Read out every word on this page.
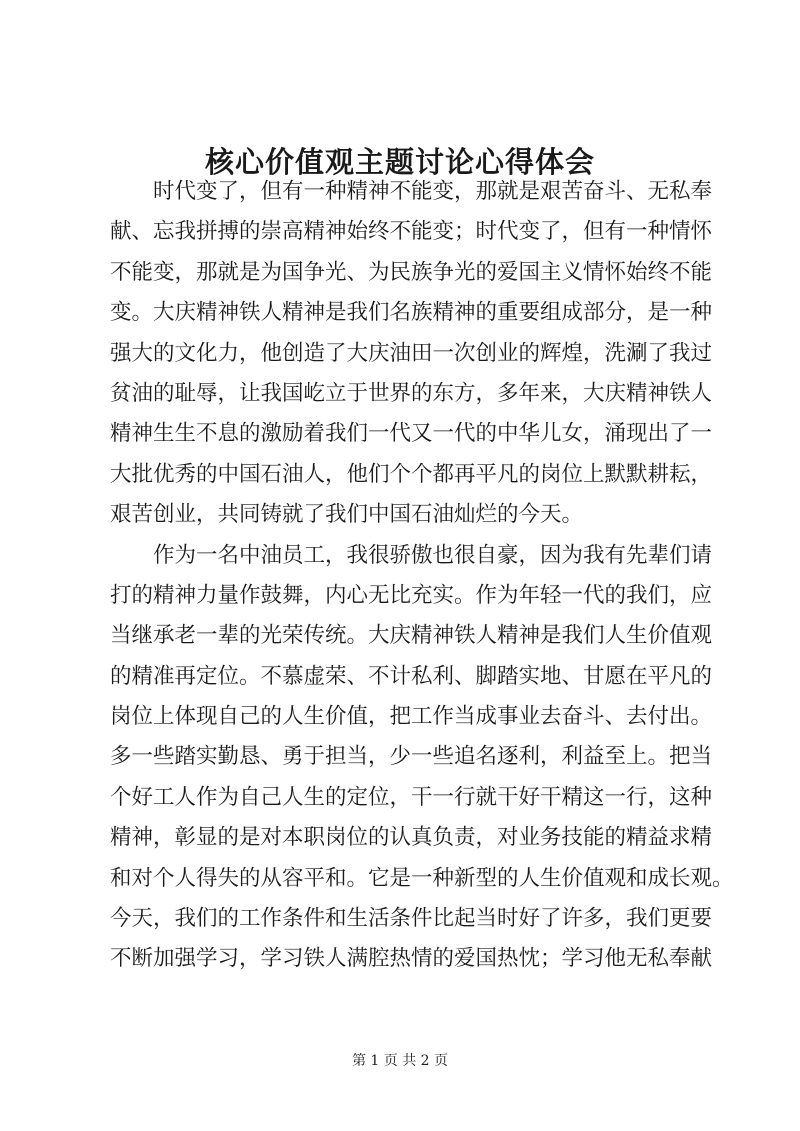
核心价值观主题讨论心得体会
时代变了，但有一种精神不能变，那就是艰苦奋斗、无私奉
献、忘我拼搏的崇高精神始终不能变；时代变了，但有一种情怀
不能变，那就是为国争光、为民族争光的爱国主义情怀始终不能
变。大庆精神铁人精神是我们名族精神的重要组成部分，是一种
强大的文化力，他创造了大庆油田一次创业的辉煌，洗涮了我过
贫油的耻辱，让我国屹立于世界的东方，多年来，大庆精神铁人
精神生生不息的激励着我们一代又一代的中华儿女，涌现出了一
大批优秀的中国石油人，他们个个都再平凡的岗位上默默耕耘，
艰苦创业，共同铸就了我们中国石油灿烂的今天。
作为一名中油员工，我很骄傲也很自豪，因为我有先辈们请
打的精神力量作鼓舞，内心无比充实。作为年轻一代的我们，应
当继承老一辈的光荣传统。大庆精神铁人精神是我们人生价值观
的精准再定位。不慕虚荣、不计私利、脚踏实地、甘愿在平凡的
岗位上体现自己的人生价值，把工作当成事业去奋斗、去付出。
多一些踏实勤恳、勇于担当，少一些追名逐利，利益至上。把当
个好工人作为自己人生的定位，干一行就干好干精这一行，这种
精神，彰显的是对本职岗位的认真负责，对业务技能的精益求精
和对个人得失的从容平和。它是一种新型的人生价值观和成长观。
今天，我们的工作条件和生活条件比起当时好了许多，我们更要
不断加强学习，学习铁人满腔热情的爱国热忱；学习他无私奉献
第 1 页 共 2 页
